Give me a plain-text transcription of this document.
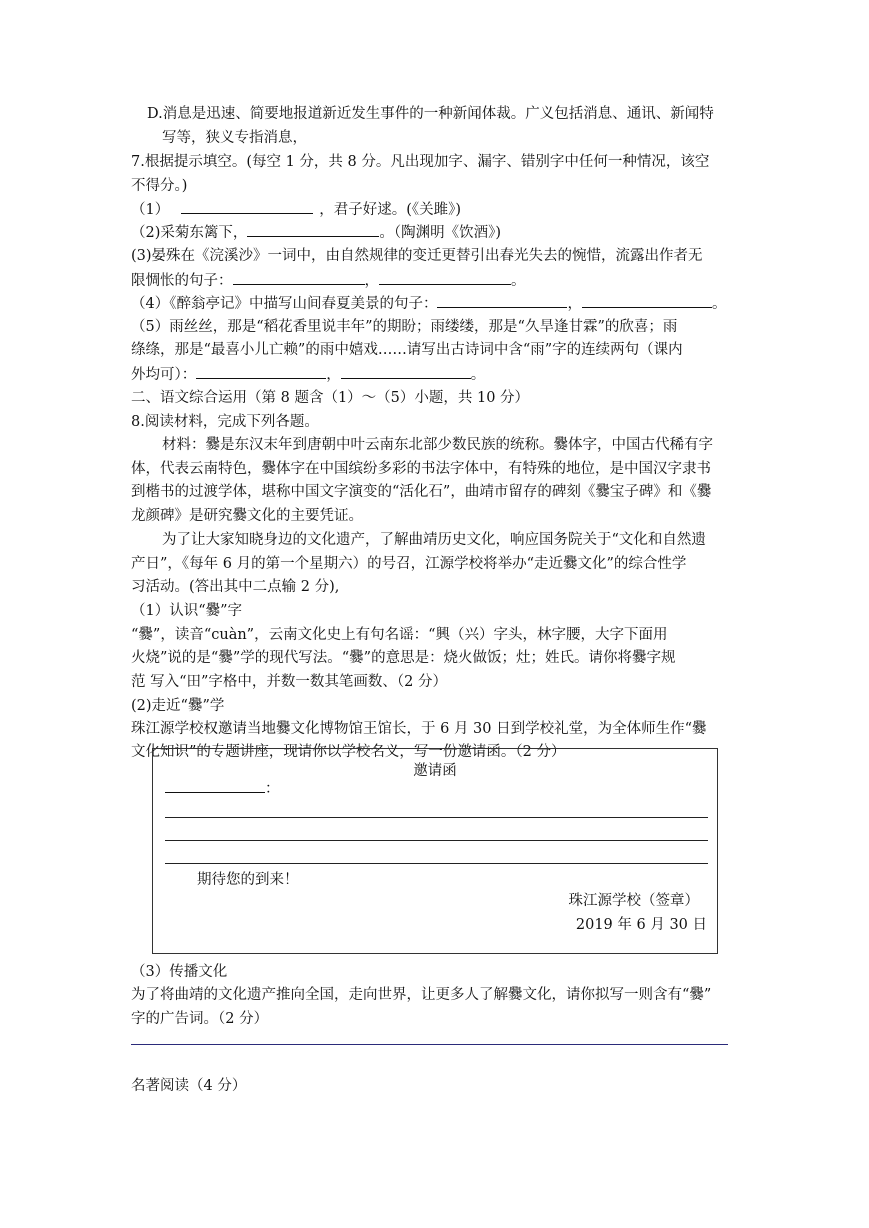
D.消息是迅速、简要地报道新近发生事件的一种新闻体裁。广义包括消息、通讯、新闻特
写等，狭义专指消息，
7.根据提示填空。(每空 1 分，共 8 分。凡出现加字、漏字、错别字中任何一种情况，该空
不得分。)
（1）	，君子好逑。(《关雎》)
（2)采菊东篱下，	。（陶渊明《饮酒》)
(3)晏殊在《浣溪沙》一词中，由自然规律的变迁更替引出春光失去的惋惜，流露出作者无
限惆怅的句子：	，	。
（4）《醉翁亭记》中描写山间春夏美景的句子：	，	。
（5）雨丝丝，那是“稻花香里说丰年”的期盼；雨缕缕，那是“久旱逢甘霖”的欣喜；雨
绦绦，那是“最喜小儿亡赖”的雨中嬉戏……请写出古诗词中含“雨”字的连续两句（课内
外均可）：	，	。
二、语文综合运用（第 8 题含（1）～（5）小题，共 10 分）
8.阅读材料，完成下列各题。
材料：爨是东汉末年到唐朝中叶云南东北部少数民族的统称。爨体字，中国古代稀有字
体，代表云南特色，爨体字在中国缤纷多彩的书法字体中，有特殊的地位，是中国汉字隶书
到楷书的过渡学体，堪称中国文字演变的“活化石”，曲靖市留存的碑刻《爨宝子碑》和《爨
龙颜碑》是研究爨文化的主要凭证。
为了让大家知晓身边的文化遗产，了解曲靖历史文化，响应国务院关于“文化和自然遗
产日”，《每年 6 月的第一个星期六）的号召，江源学校将举办“走近爨文化”的综合性学
习活动。(答出其中二点输 2 分),
（1）认识“爨”字
“爨”，读音“cuàn”，云南文化史上有句名谣：“興（兴）字头，林字腰，大字下面用
火烧”说的是“爨”学的现代写法。“爨”的意思是：烧火做饭；灶；姓氏。请你将爨字规
范 写入“田”字格中，并数一数其笔画数、（2 分）
(2)走近“爨”学
珠江源学校权邀请当地爨文化博物馆王馆长，于 6 月 30 日到学校礼堂，为全体师生作“爨
文化知识”的专题讲座，现请你以学校名义，写一份邀请函。（2 分）
邀请函
：
期待您的到来！
珠江源学校（签章）
2019 年 6 月 30 日
（3）传播文化
为了将曲靖的文化遗产推向全国，走向世界，让更多人了解爨文化，请你拟写一则含有“爨”
字的广告词。（2 分）
名著阅读（4 分）
